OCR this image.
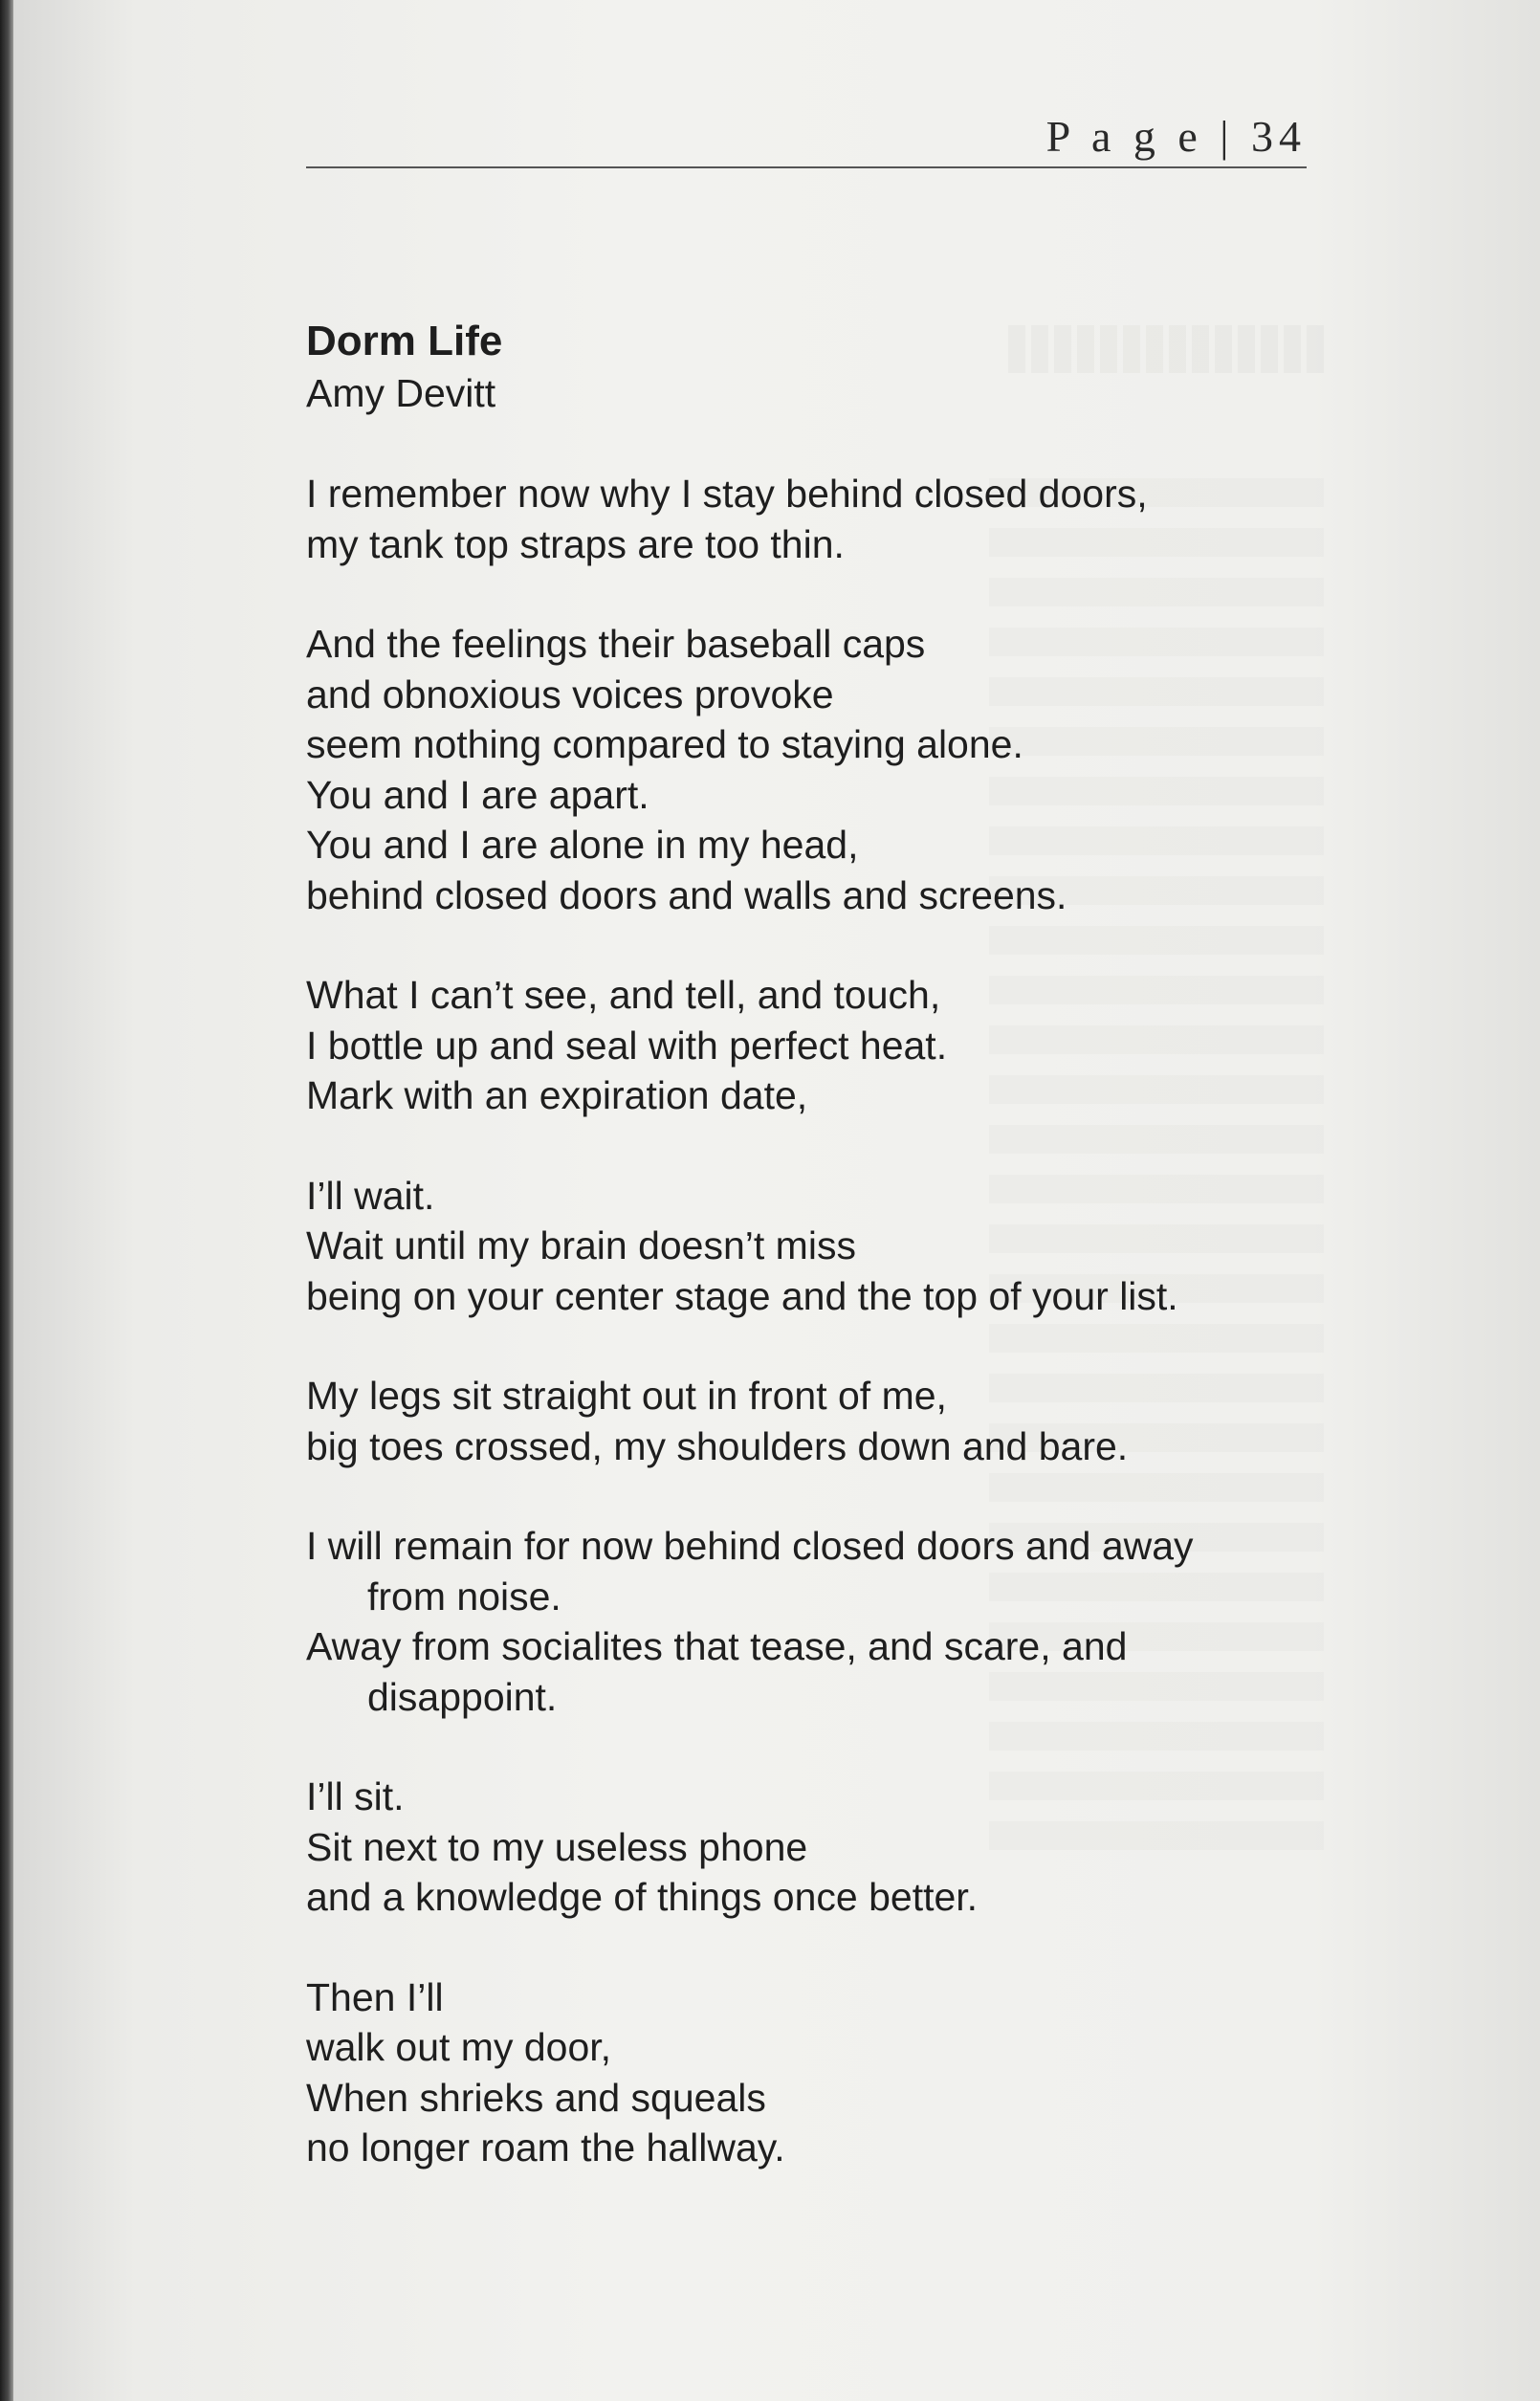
P a g e | 34

Dorm Life

Amy Devitt

I remember now why I stay behind closed doors,

my tank top straps are too thin.

And the feelings their baseball caps

and obnoxious voices provoke

seem nothing compared to staying alone.

You and I are apart.

You and I are alone in my head,

behind closed doors and walls and screens.

What I can’t see, and tell, and touch,

I bottle up and seal with perfect heat.

Mark with an expiration date,

I’ll wait.

Wait until my brain doesn’t miss

being on your center stage and the top of your list.

My legs sit straight out in front of me,

big toes crossed, my shoulders down and bare.

I will remain for now behind closed doors and away

from noise.

Away from socialites that tease, and scare, and

disappoint.

I’ll sit.

Sit next to my useless phone

and a knowledge of things once better.

Then I’ll

walk out my door,

When shrieks and squeals

no longer roam the hallway.
